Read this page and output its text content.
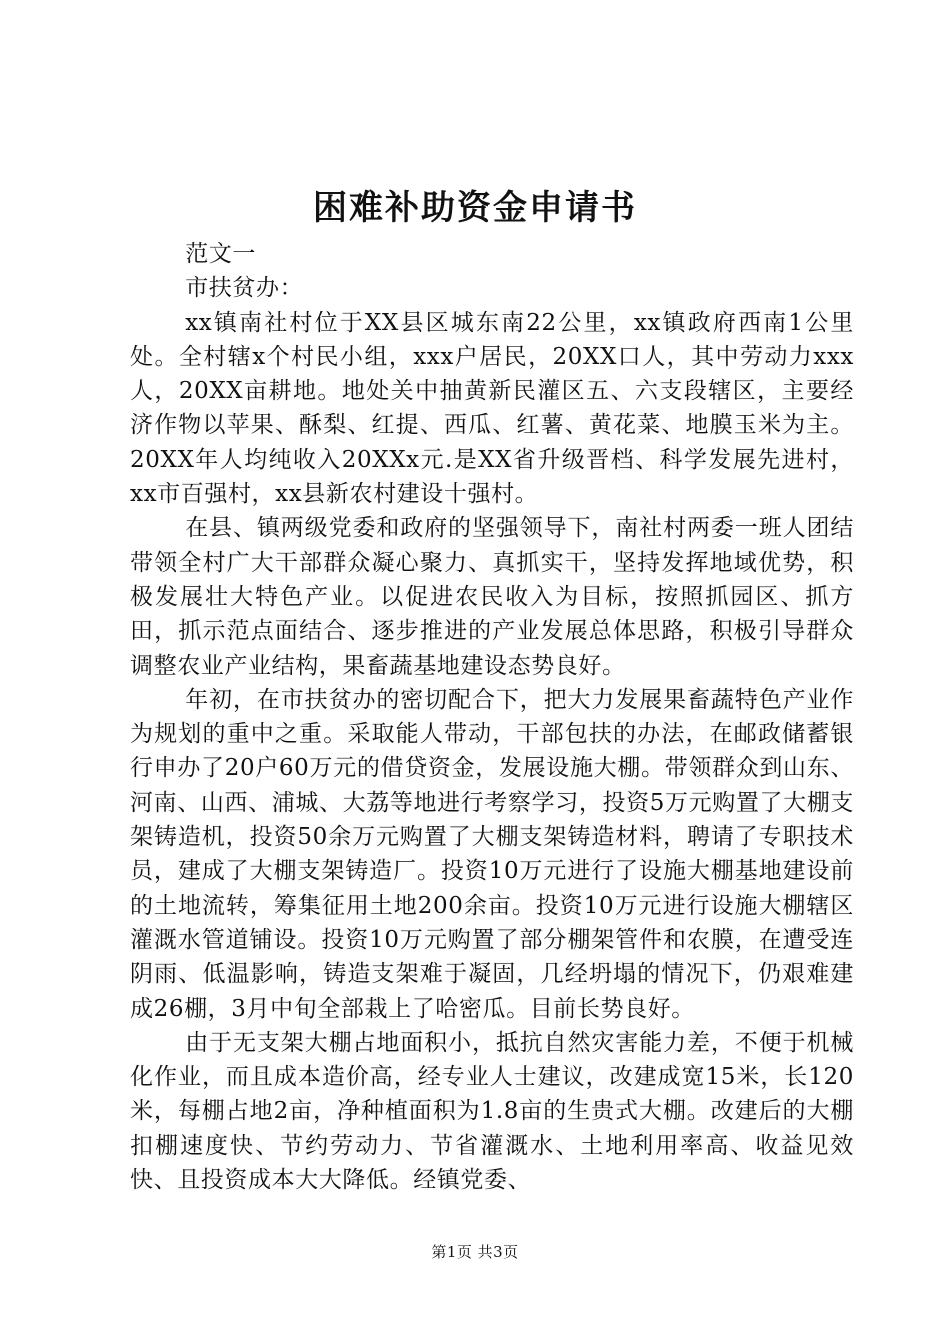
困难补助资金申请书

范文一

市扶贫办：

xx镇南社村位于XX县区城东南22公里，xx镇政府西南1公里处。全村辖x个村民小组，xxx户居民，20XX口人，其中劳动力xxx人，20XX亩耕地。地处关中抽黄新民灌区五、六支段辖区，主要经济作物以苹果、酥梨、红提、西瓜、红薯、黄花菜、地膜玉米为主。20XX年人均纯收入20XXx元.是XX省升级晋档、科学发展先进村，xx市百强村，xx县新农村建设十强村。

在县、镇两级党委和政府的坚强领导下，南社村两委一班人团结带领全村广大干部群众凝心聚力、真抓实干，坚持发挥地域优势，积极发展壮大特色产业。以促进农民收入为目标，按照抓园区、抓方田，抓示范点面结合、逐步推进的产业发展总体思路，积极引导群众调整农业产业结构，果畜蔬基地建设态势良好。

年初，在市扶贫办的密切配合下，把大力发展果畜蔬特色产业作为规划的重中之重。采取能人带动，干部包扶的办法，在邮政储蓄银行申办了20户60万元的借贷资金，发展设施大棚。带领群众到山东、河南、山西、浦城、大荔等地进行考察学习，投资5万元购置了大棚支架铸造机，投资50余万元购置了大棚支架铸造材料，聘请了专职技术员，建成了大棚支架铸造厂。投资10万元进行了设施大棚基地建设前的土地流转，筹集征用土地200余亩。投资10万元进行设施大棚辖区灌溉水管道铺设。投资10万元购置了部分棚架管件和农膜，在遭受连阴雨、低温影响，铸造支架难于凝固，几经坍塌的情况下，仍艰难建成26棚，3月中旬全部栽上了哈密瓜。目前长势良好。

由于无支架大棚占地面积小，抵抗自然灾害能力差，不便于机械化作业，而且成本造价高，经专业人士建议，改建成宽15米，长120米，每棚占地2亩，净种植面积为1.8亩的生贵式大棚。改建后的大棚扣棚速度快、节约劳动力、节省灌溉水、土地利用率高、收益见效快、且投资成本大大降低。经镇党委、

第1页 共3页
